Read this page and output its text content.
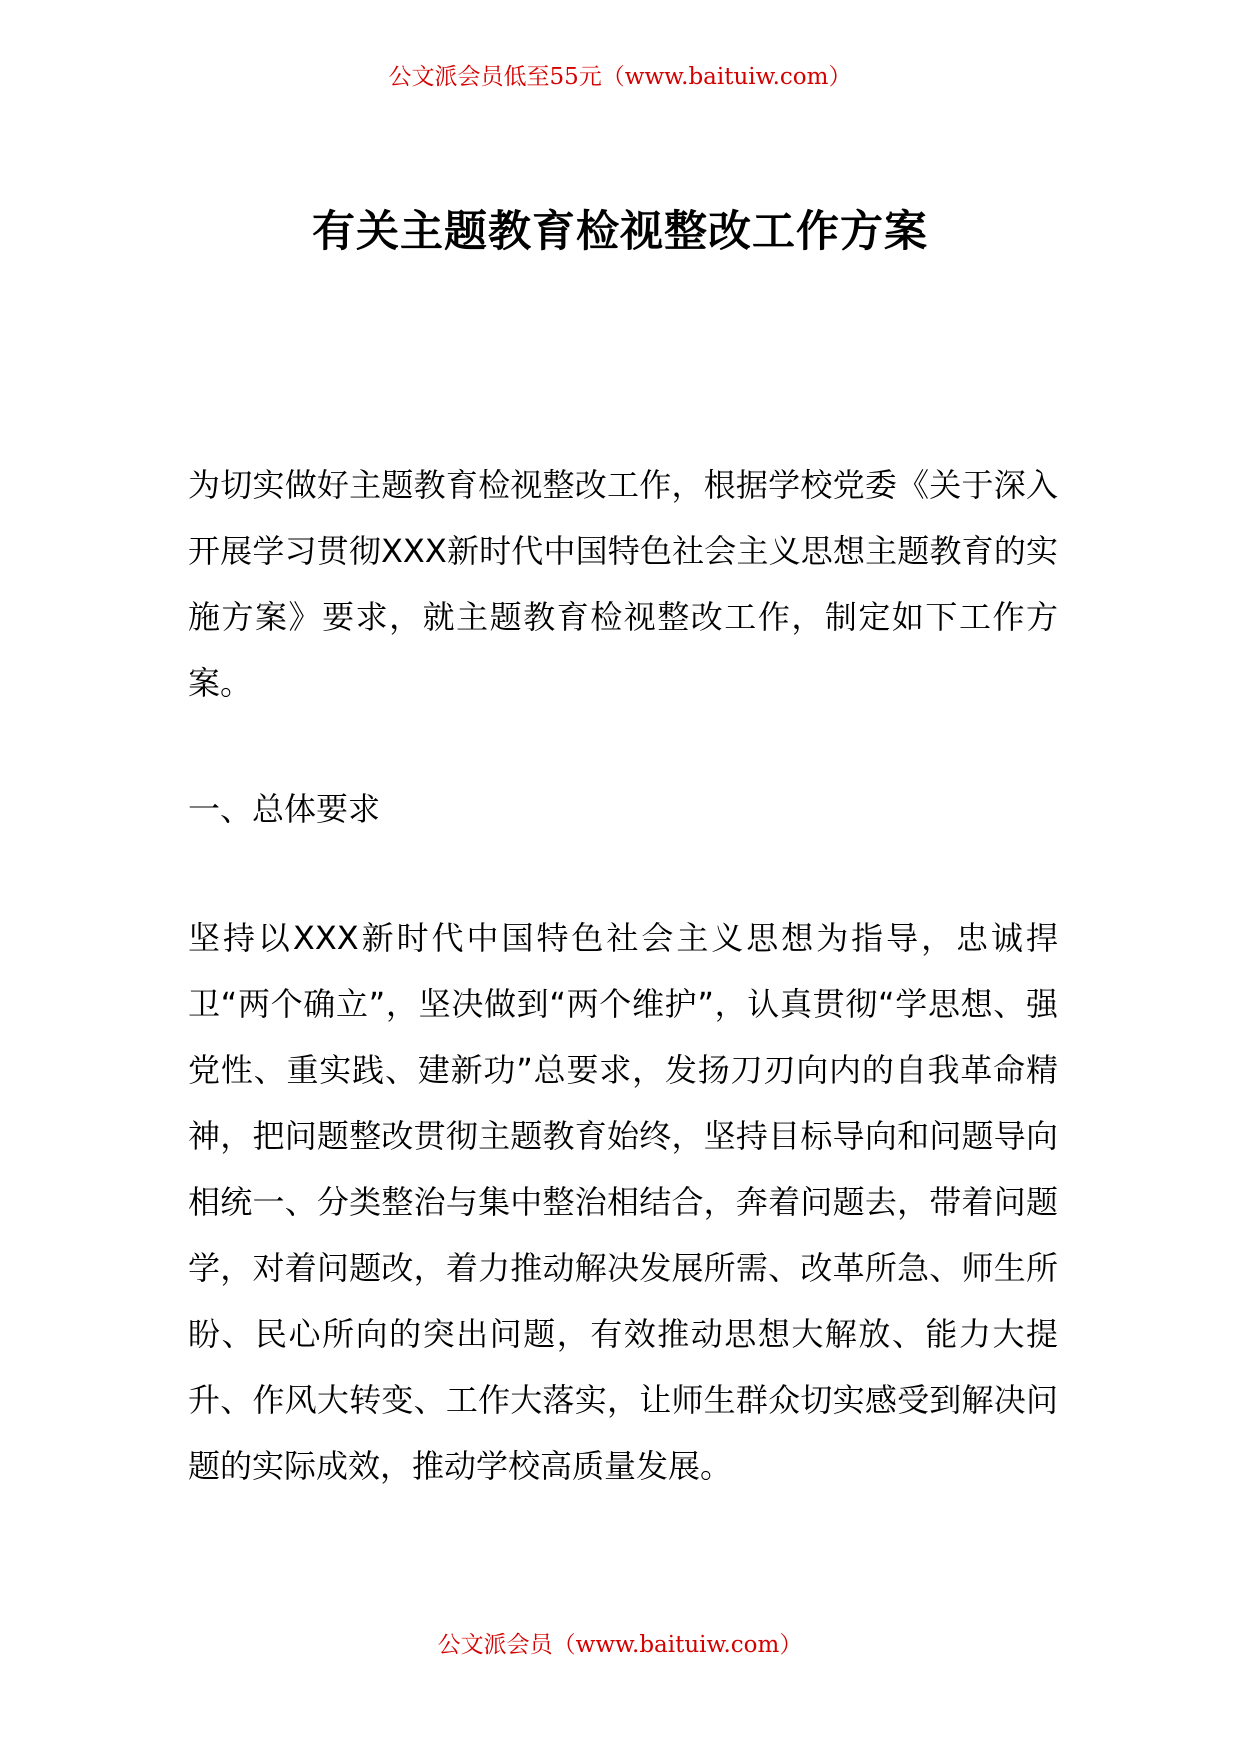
公文派会员低至55元（www.baituiw.com）
有关主题教育检视整改工作方案

为切实做好主题教育检视整改工作，根据学校党委《关于深入开展学习贯彻XXX新时代中国特色社会主义思想主题教育的实施方案》要求，就主题教育检视整改工作，制定如下工作方案。

一、总体要求

坚持以XXX新时代中国特色社会主义思想为指导，忠诚捍卫“两个确立”，坚决做到“两个维护”，认真贯彻“学思想、强党性、重实践、建新功”总要求，发扬刀刃向内的自我革命精神，把问题整改贯彻主题教育始终，坚持目标导向和问题导向相统一、分类整治与集中整治相结合，奔着问题去，带着问题学，对着问题改，着力推动解决发展所需、改革所急、师生所盼、民心所向的突出问题，有效推动思想大解放、能力大提升、作风大转变、工作大落实，让师生群众切实感受到解决问题的实际成效，推动学校高质量发展。

公文派会员（www.baituiw.com）
